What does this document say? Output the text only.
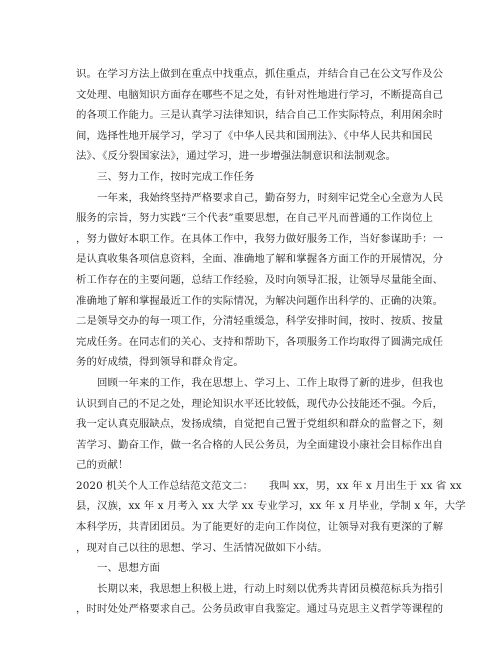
识。在学习方法上做到在重点中找重点，抓住重点，并结合自己在公文写作及公

文处理、电脑知识方面存在哪些不足之处，有针对性地进行学习，不断提高自己

的各项工作能力。三是认真学习法律知识，结合自己工作实际特点，利用闲余时

间，选择性地开展学习，学习了《中华人民共和国刑法》、《中华人民共和国民

法》、《反分裂国家法》，通过学习，进一步增强法制意识和法制观念。

三、努力工作，按时完成工作任务

一年来，我始终坚持严格要求自己，勤奋努力，时刻牢记党全心全意为人民

服务的宗旨，努力实践“三个代表”重要思想，在自己平凡而普通的工作岗位上

，努力做好本职工作。在具体工作中，我努力做好服务工作，当好参谋助手：一

是认真收集各项信息资料，全面、准确地了解和掌握各方面工作的开展情况，分

析工作存在的主要问题，总结工作经验，及时向领导汇报，让领导尽量能全面、

准确地了解和掌握最近工作的实际情况，为解决问题作出科学的、正确的决策。

二是领导交办的每一项工作，分清轻重缓急，科学安排时间，按时、按质、按量

完成任务。在同志们的关心、支持和帮助下，各项服务工作均取得了圆满完成任

务的好成绩，得到领导和群众肯定。

回顾一年来的工作，我在思想上、学习上、工作上取得了新的进步，但我也

认识到自己的不足之处，理论知识水平还比较低，现代办公技能还不强。今后，

我一定认真克服缺点，发扬成绩，自觉把自己置于党组织和群众的监督之下，刻

苦学习、勤奋工作，做一名合格的人民公务员，为全面建设小康社会目标作出自

己的贡献！

2020 机关个人工作总结范文范文二：　　我叫 xx，男，xx 年 x 月出生于 xx 省 xx

县，汉族，xx 年 x 月考入 xx 大学 xx 专业学习，xx 年 x 月毕业，学制 x 年，大学

本科学历，共青团团员。为了能更好的走向工作岗位，让领导对我有更深的了解

，现对自己以往的思想、学习、生活情况做如下小结。

一、思想方面

长期以来，我思想上积极上进，行动上时刻以优秀共青团员模范标兵为指引

，时时处处严格要求自己。公务员政审自我鉴定。通过马克思主义哲学等课程的
